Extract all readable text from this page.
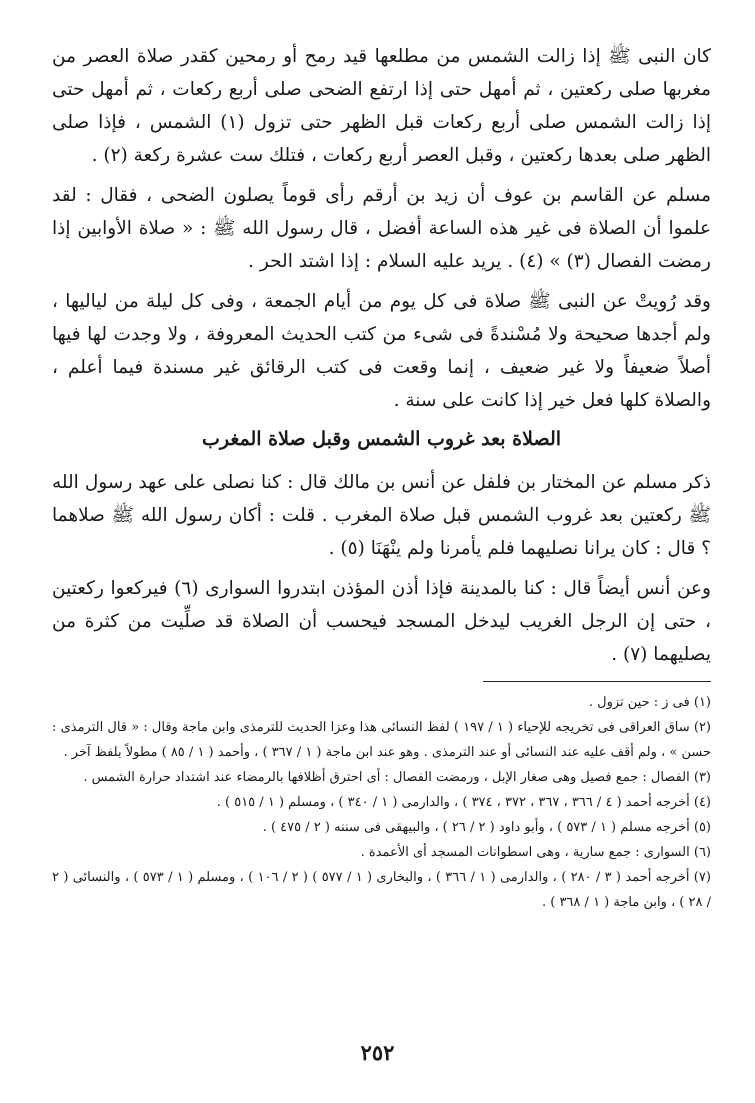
كان النبى ﷺ إذا زالت الشمس من مطلعها قيد رمح أو رمحين كقدر صلاة العصر من مغربها صلى ركعتين ، ثم أمهل حتى إذا ارتفع الضحى صلى أربع ركعات ، ثم أمهل حتى إذا زالت الشمس صلى أربع ركعات قبل الظهر حتى تزول (١) الشمس ، فإذا صلى الظهر صلى بعدها ركعتين ، وقبل العصر أربع ركعات ، فتلك ست عشرة ركعة (٢) .

مسلم عن القاسم بن عوف أن زيد بن أرقم رأى قوماً يصلون الضحى ، فقال : لقد علموا أن الصلاة فى غير هذه الساعة أفضل ، قال رسول الله ﷺ : « صلاة الأوابين إذا رمضت الفصال (٣) » (٤) . يريد عليه السلام : إذا اشتد الحر .

وقد رُويتْ عن النبى ﷺ صلاة فى كل يوم من أيام الجمعة ، وفى كل ليلة من لياليها ، ولم أجدها صحيحة ولا مُسْندةً فى شىء من كتب الحديث المعروفة ، ولا وجدت لها فيها أصلاً ضعيفاً ولا غير ضعيف ، إنما وقعت فى كتب الرقائق غير مسندة فيما أعلم ، والصلاة كلها فعل خير إذا كانت على سنة .

الصلاة بعد غروب الشمس وقبل صلاة المغرب

ذكر مسلم عن المختار بن فلفل عن أنس بن مالك قال : كنا نصلى على عهد رسول الله ﷺ ركعتين بعد غروب الشمس قبل صلاة المغرب . قلت : أكان رسول الله ﷺ صلاهما ؟ قال : كان يرانا نصليهما فلم يأمرنا ولم ينْهَنَا (٥) .

وعن أنس أيضاً قال : كنا بالمدينة فإذا أذن المؤذن ابتدروا السوارى (٦) فيركعوا ركعتين ، حتى إن الرجل الغريب ليدخل المسجد فيحسب أن الصلاة قد صلِّيت من كثرة من يصليهما (٧) .

(١) فى ز : حين تزول .

(٢) ساق العراقى فى تخريجه للإحياء ( ١ / ١٩٧ ) لفظ النسائى هذا وعزا الحديث للترمذى وابن ماجة وقال : « قال الترمذى : حسن » ، ولم أقف عليه عند النسائى أو عند الترمذى . وهو عند ابن ماجة ( ١ / ٣٦٧ ) ، وأحمد ( ١ / ٨٥ ) مطولاً بلفظ آخر .

(٣) الفصال : جمع فصيل وهى صغار الإبل ، ورمضت الفصال : أى احترق أظلافها بالرمضاء عند اشتداد حرارة الشمس .

(٤) أخرجه أحمد ( ٤ / ٣٦٦ ، ٣٦٧ ، ٣٧٢ ، ٣٧٤ ) ، والدارمى ( ١ / ٣٤٠ ) ، ومسلم ( ١ / ٥١٥ ) .

(٥) أخرجه مسلم ( ١ / ٥٧٣ ) ، وأبو داود ( ٢ / ٢٦ ) ، والبيهقى فى سننه ( ٢ / ٤٧٥ ) .

(٦) السوارى : جمع سارية ، وهى اسطوانات المسجد أى الأعمدة .

(٧) أخرجه أحمد ( ٣ / ٢٨٠ ) ، والدارمى ( ١ / ٣٦٦ ) ، والبخارى ( ١ / ٥٧٧ ) ( ٢ / ١٠٦ ) ، ومسلم ( ١ / ٥٧٣ ) ، والنسائى ( ٢ / ٢٨ ) ، وابن ماجة ( ١ / ٣٦٨ ) .

٢٥٢
